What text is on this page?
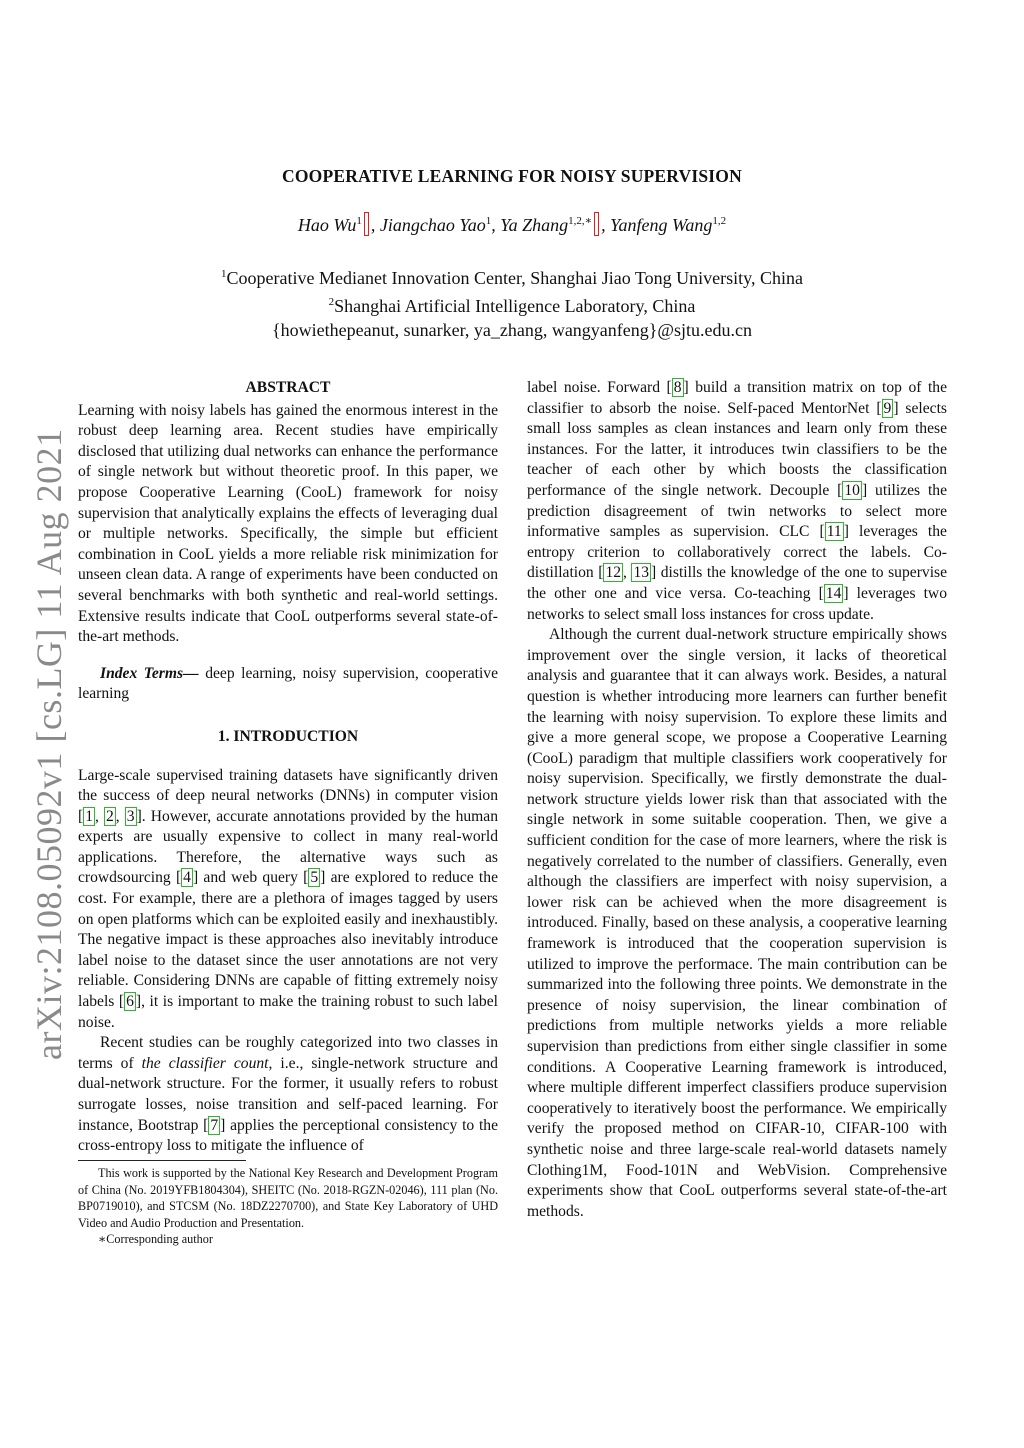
arXiv:2108.05092v1 [cs.LG] 11 Aug 2021
COOPERATIVE LEARNING FOR NOISY SUPERVISION
Hao Wu$^1$ , Jiangchao Yao$^1$, Ya Zhang$^{1,2,∗}$ , Yanfeng Wang$^{1,2}$
$^1$Cooperative Medianet Innovation Center, Shanghai Jiao Tong University, China
$^2$Shanghai Artificial Intelligence Laboratory, China
{howiethepeanut, sunarker, ya_zhang, wangyanfeng}@sjtu.edu.cn
ABSTRACT

Learning with noisy labels has gained the enormous interest in the robust deep learning area. Recent studies have empirically disclosed that utilizing dual networks can enhance the performance of single network but without theoretic proof. In this paper, we propose Cooperative Learning (CooL) framework for noisy supervision that analytically explains the effects of leveraging dual or multiple networks. Specifically, the simple but efficient combination in CooL yields a more reliable risk minimization for unseen clean data. A range of experiments have been conducted on several benchmarks with both synthetic and real-world settings. Extensive results indicate that CooL outperforms several state-of-the-art methods.

Index Terms— deep learning, noisy supervision, cooperative learning

1. INTRODUCTION

Large-scale supervised training datasets have significantly driven the success of deep neural networks (DNNs) in computer vision [ 1 , 2 , 3 ]. However, accurate annotations provided by the human experts are usually expensive to collect in many real-world applications. Therefore, the alternative ways such as crowdsourcing [ 4 ] and web query [ 5 ] are explored to reduce the cost. For example, there are a plethora of images tagged by users on open platforms which can be exploited easily and inexhaustibly. The negative impact is these approaches also inevitably introduce label noise to the dataset since the user annotations are not very reliable. Considering DNNs are capable of fitting extremely noisy labels [ 6 ], it is important to make the training robust to such label noise.

Recent studies can be roughly categorized into two classes in terms of the classifier count, i.e., single-network structure and dual-network structure. For the former, it usually refers to robust surrogate losses, noise transition and self-paced learning. For instance, Bootstrap [ 7 ] applies the perceptional consistency to the cross-entropy loss to mitigate the influence of

This work is supported by the National Key Research and Development Program of China (No. 2019YFB1804304), SHEITC (No. 2018-RGZN-02046), 111 plan (No. BP0719010), and STCSM (No. 18DZ2270700), and State Key Laboratory of UHD Video and Audio Production and Presentation.

∗Corresponding author

label noise. Forward [ 8 ] build a transition matrix on top of the classifier to absorb the noise. Self-paced MentorNet [ 9 ] selects small loss samples as clean instances and learn only from these instances. For the latter, it introduces twin classifiers to be the teacher of each other by which boosts the classification performance of the single network. Decouple [ 10 ] utilizes the prediction disagreement of twin networks to select more informative samples as supervision. CLC [ 11 ] leverages the entropy criterion to collaboratively correct the labels. Co-distillation [ 12 , 13 ] distills the knowledge of the one to supervise the other one and vice versa. Co-teaching [ 14 ] leverages two networks to select small loss instances for cross update.

Although the current dual-network structure empirically shows improvement over the single version, it lacks of theoretical analysis and guarantee that it can always work. Besides, a natural question is whether introducing more learners can further benefit the learning with noisy supervision. To explore these limits and give a more general scope, we propose a Cooperative Learning (CooL) paradigm that multiple classifiers work cooperatively for noisy supervision. Specifically, we firstly demonstrate the dual-network structure yields lower risk than that associated with the single network in some suitable cooperation. Then, we give a sufficient condition for the case of more learners, where the risk is negatively correlated to the number of classifiers. Generally, even although the classifiers are imperfect with noisy supervision, a lower risk can be achieved when the more disagreement is introduced. Finally, based on these analysis, a cooperative learning framework is introduced that the cooperation supervision is utilized to improve the performace. The main contribution can be summarized into the following three points. We demonstrate in the presence of noisy supervision, the linear combination of predictions from multiple networks yields a more reliable supervision than predictions from either single classifier in some conditions. A Cooperative Learning framework is introduced, where multiple different imperfect classifiers produce supervision cooperatively to iteratively boost the performance. We empirically verify the proposed method on CIFAR-10, CIFAR-100 with synthetic noise and three large-scale real-world datasets namely Clothing1M, Food-101N and WebVision. Comprehensive experiments show that CooL outperforms several state-of-the-art methods.
